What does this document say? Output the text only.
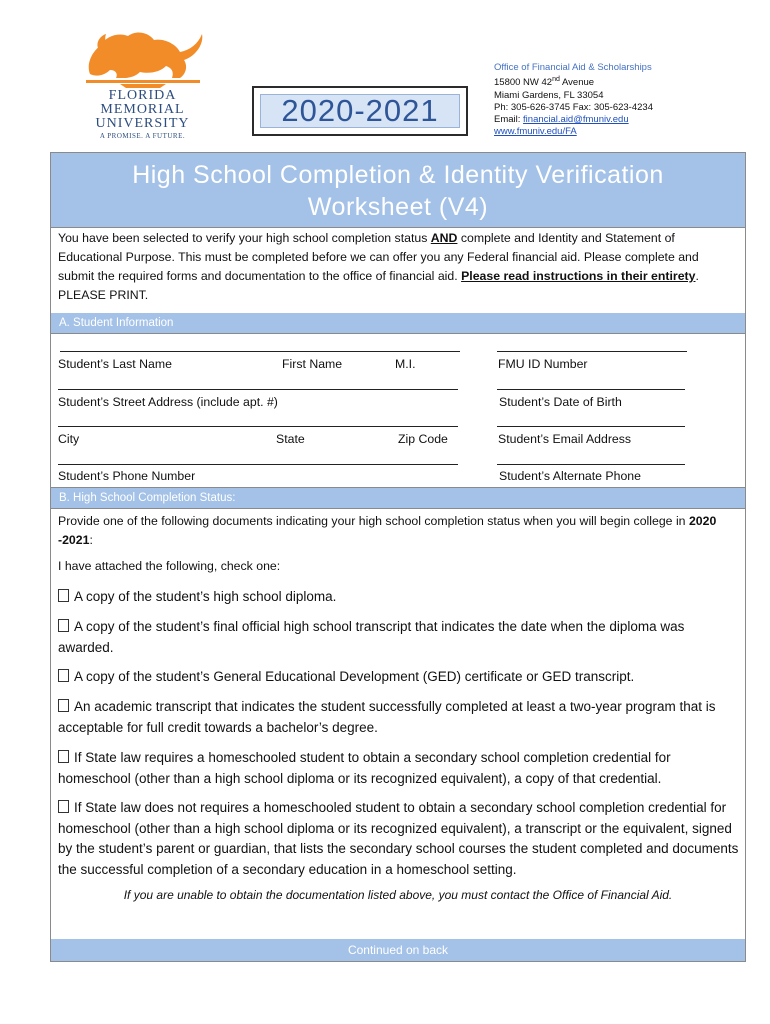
FLORIDA
MEMORIAL
UNIVERSITY
A PROMISE. A FUTURE.
2020-2021
Office of Financial Aid & Scholarships
15800 NW 42nd Avenue
Miami Gardens, FL 33054
Ph: 305-626-3745 Fax: 305-623-4234
Email: financial.aid@fmuniv.edu
www.fmuniv.edu/FA
High School Completion & Identity Verification
Worksheet (V4)
You have been selected to verify your high school completion status AND complete and Identity and Statement of Educational Purpose. This must be completed before we can offer you any Federal financial aid. Please complete and submit the required forms and documentation to the office of financial aid. Please read instructions in their entirety.
PLEASE PRINT.
A. Student Information
Student’s Last Name	First Name	M.I.	FMU ID Number
Student’s Street Address (include apt. #)	Student’s Date of Birth
City	State	Zip Code	Student’s Email Address
Student’s Phone Number	Student’s Alternate Phone
B. High School Completion Status:
Provide one of the following documents indicating your high school completion status when you will begin college in 2020 -2021:
I have attached the following, check one:
A copy of the student’s high school diploma.
A copy of the student’s final official high school transcript that indicates the date when the diploma was awarded.
A copy of the student’s General Educational Development (GED) certificate or GED transcript.
An academic transcript that indicates the student successfully completed at least a two-year program that is acceptable for full credit towards a bachelor’s degree.
If State law requires a homeschooled student to obtain a secondary school completion credential for homeschool (other than a high school diploma or its recognized equivalent), a copy of that credential.
If State law does not requires a homeschooled student to obtain a secondary school completion credential for homeschool (other than a high school diploma or its recognized equivalent), a transcript or the equivalent, signed by the student’s parent or guardian, that lists the secondary school courses the student completed and documents the successful completion of a secondary education in a homeschool setting.
If you are unable to obtain the documentation listed above, you must contact the Office of Financial Aid.
Continued on back
